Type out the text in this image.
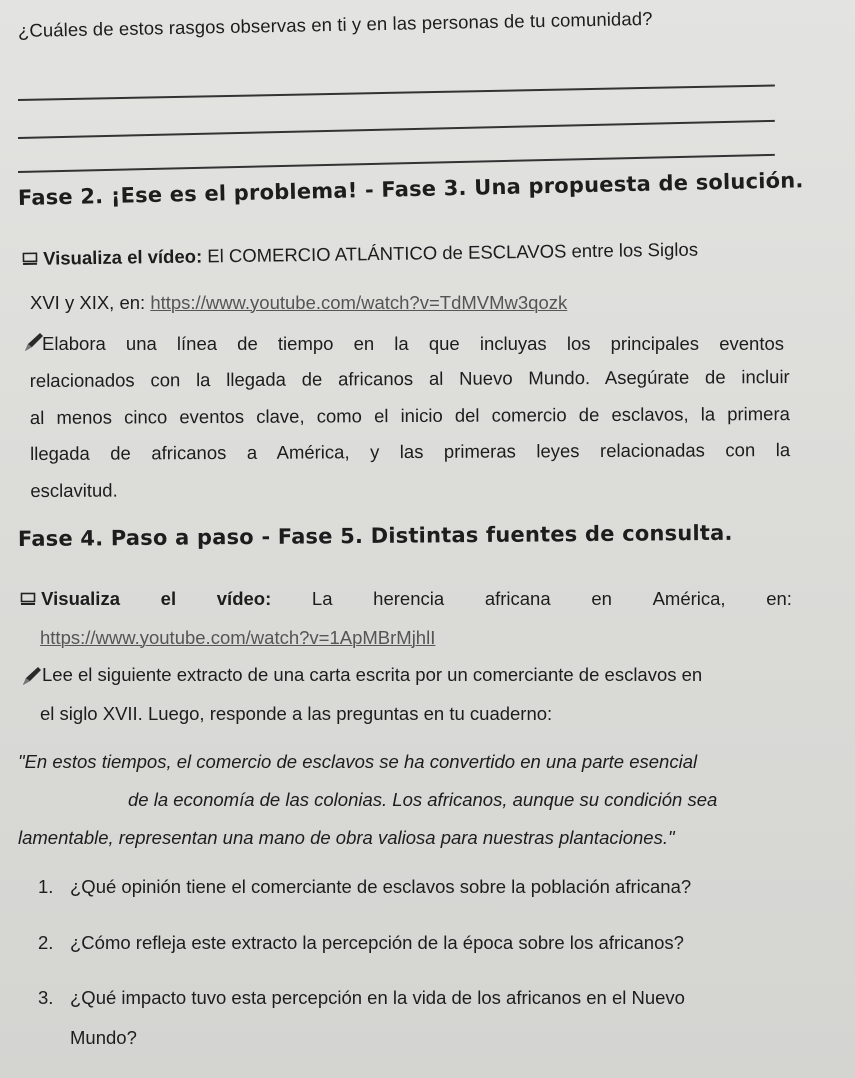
¿Cuáles de estos rasgos observas en ti y en las personas de tu comunidad?
Fase 2. ¡Ese es el problema! - Fase 3. Una propuesta de solución.
Visualiza el vídeo: El COMERCIO ATLÁNTICO de ESCLAVOS entre los Siglos
XVI y XIX, en: https://www.youtube.com/watch?v=TdMVMw3qozk
Elabora una línea de tiempo en la que incluyas los principales eventos
relacionados con la llegada de africanos al Nuevo Mundo. Asegúrate de incluir
al menos cinco eventos clave, como el inicio del comercio de esclavos, la primera
llegada de africanos a América, y las primeras leyes relacionadas con la
esclavitud.
Fase 4. Paso a paso - Fase 5. Distintas fuentes de consulta.
Visualiza el vídeo: La herencia africana en América, en:
https://www.youtube.com/watch?v=1ApMBrMjhlI
Lee el siguiente extracto de una carta escrita por un comerciante de esclavos en
el siglo XVII. Luego, responde a las preguntas en tu cuaderno:
"En estos tiempos, el comercio de esclavos se ha convertido en una parte esencial
de la economía de las colonias. Los africanos, aunque su condición sea
lamentable, representan una mano de obra valiosa para nuestras plantaciones."
1. ¿Qué opinión tiene el comerciante de esclavos sobre la población africana?
2. ¿Cómo refleja este extracto la percepción de la época sobre los africanos?
3. ¿Qué impacto tuvo esta percepción en la vida de los africanos en el Nuevo
Mundo?
